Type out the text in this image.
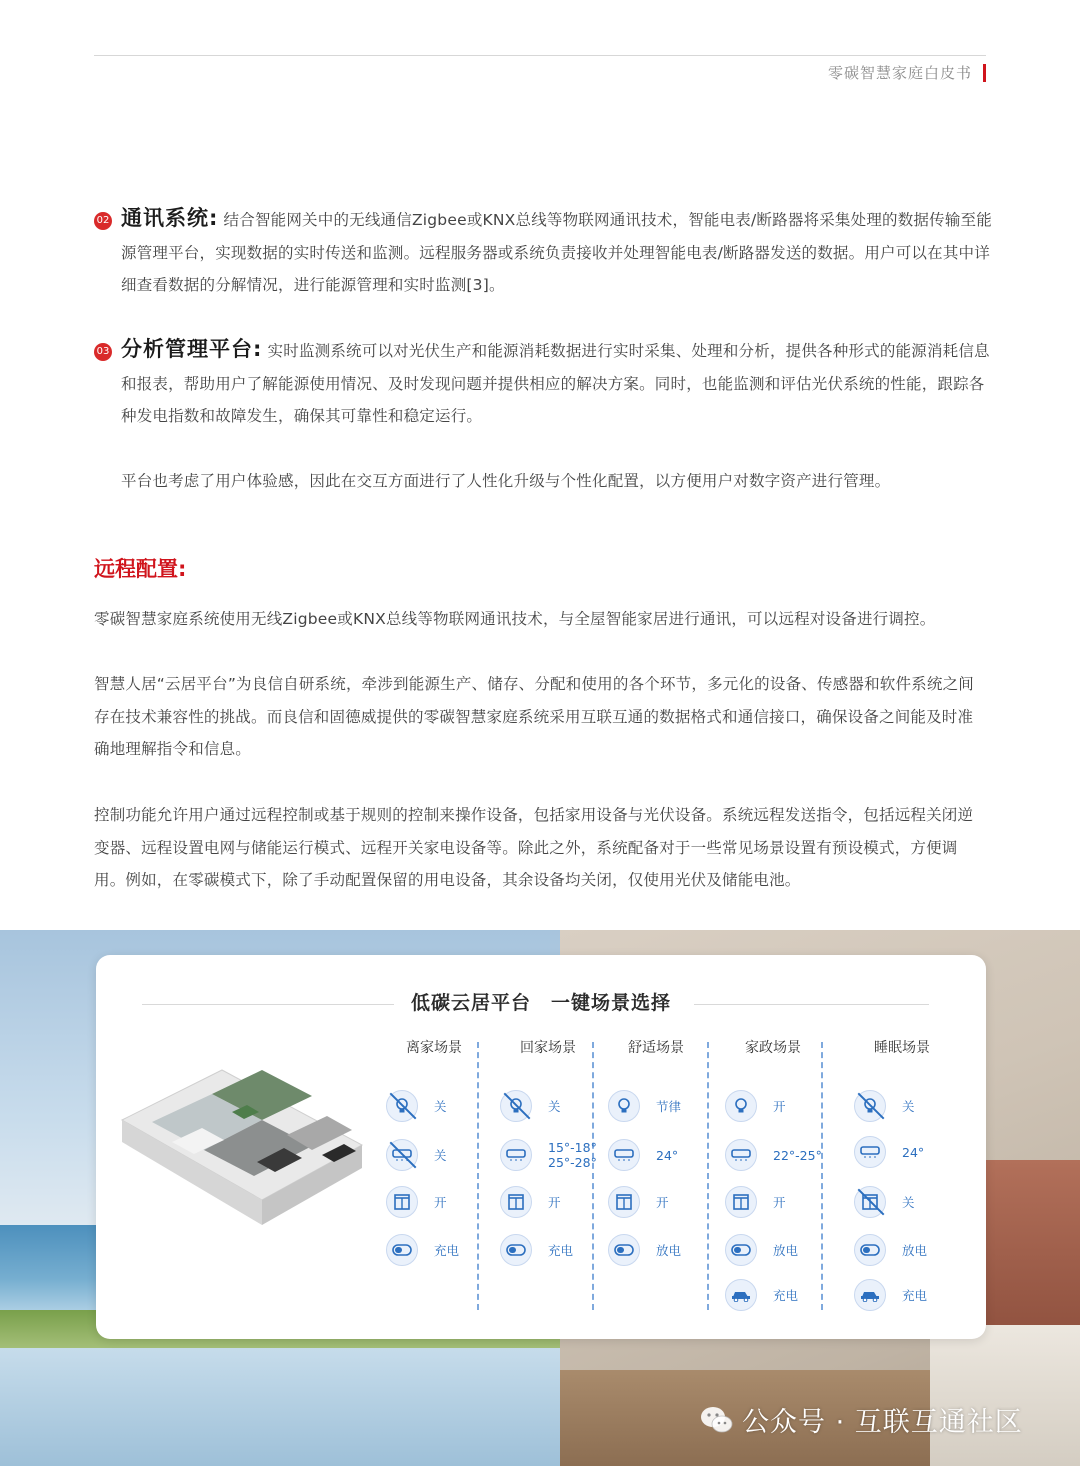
零碳智慧家庭白皮书
02 通讯系统: 结合智能网关中的无线通信Zigbee或KNX总线等物联网通讯技术，智能电表/断路器将采集处理的数据传输至能源管理平台，实现数据的实时传送和监测。远程服务器或系统负责接收并处理智能电表/断路器发送的数据。用户可以在其中详细查看数据的分解情况，进行能源管理和实时监测[3]。
03 分析管理平台: 实时监测系统可以对光伏生产和能源消耗数据进行实时采集、处理和分析，提供各种形式的能源消耗信息和报表，帮助用户了解能源使用情况、及时发现问题并提供相应的解决方案。同时，也能监测和评估光伏系统的性能，跟踪各种发电指数和故障发生，确保其可靠性和稳定运行。
平台也考虑了用户体验感，因此在交互方面进行了人性化升级与个性化配置，以方便用户对数字资产进行管理。
远程配置:
零碳智慧家庭系统使用无线Zigbee或KNX总线等物联网通讯技术，与全屋智能家居进行通讯，可以远程对设备进行调控。
智慧人居“云居平台”为良信自研系统，牵涉到能源生产、储存、分配和使用的各个环节，多元化的设备、传感器和软件系统之间存在技术兼容性的挑战。而良信和固德威提供的零碳智慧家庭系统采用互联互通的数据格式和通信接口，确保设备之间能及时准确地理解指令和信息。
控制功能允许用户通过远程控制或基于规则的控制来操作设备，包括家用设备与光伏设备。系统远程发送指令，包括远程关闭逆变器、远程设置电网与储能运行模式、远程开关家电设备等。除此之外，系统配备对于一些常见场景设置有预设模式，方便调用。例如，在零碳模式下，除了手动配置保留的用电设备，其余设备均关闭，仅使用光伏及储能电池。
公众号 · 互联互通社区
低碳云居平台　一键场景选择
离家场景
关
关
开
充电
回家场景
关
15°-18°
25°-28°
开
充电
舒适场景
节律
24°
开
放电
家政场景
开
22°-25°
开
放电
充电
睡眠场景
关
24°
关
放电
充电
